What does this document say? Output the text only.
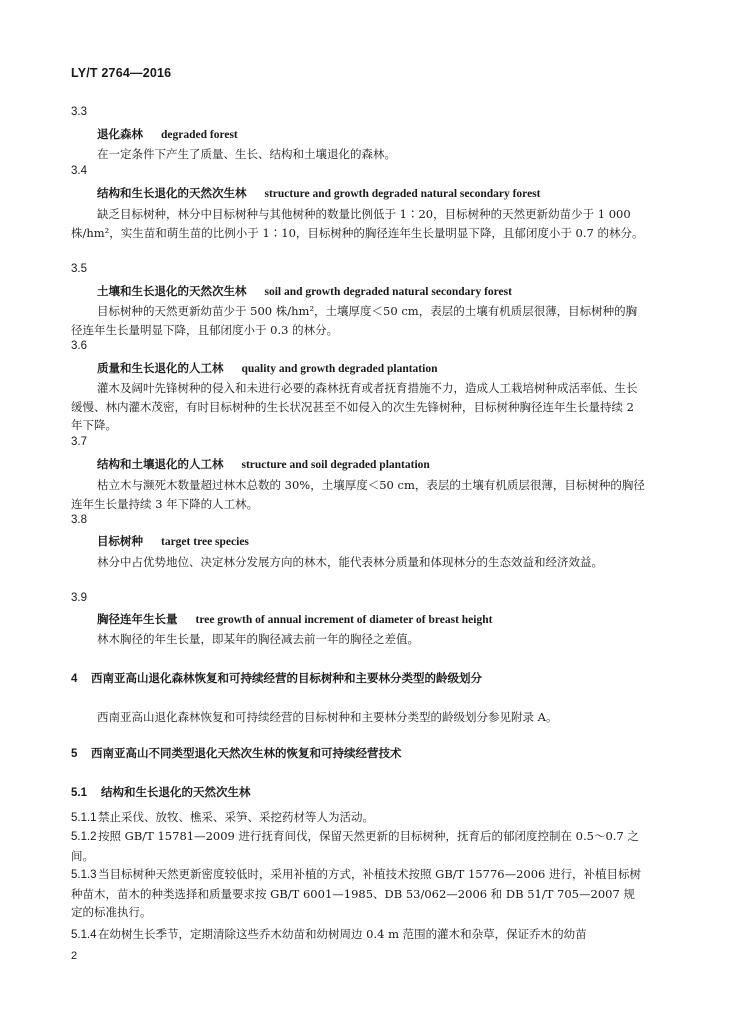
LY/T 2764—2016
3.3
退化森林 degraded forest
在一定条件下产生了质量、生长、结构和土壤退化的森林。
3.4
结构和生长退化的天然次生林 structure and growth degraded natural secondary forest
缺乏目标树种，林分中目标树种与其他树种的数量比例低于 1∶20，目标树种的天然更新幼苗少于 1 000 株/hm²，实生苗和萌生苗的比例小于 1∶10，目标树种的胸径连年生长量明显下降，且郁闭度小于 0.7 的林分。
3.5
土壤和生长退化的天然次生林 soil and growth degraded natural secondary forest
目标树种的天然更新幼苗少于 500 株/hm²，土壤厚度＜50 cm，表层的土壤有机质层很薄，目标树种的胸径连年生长量明显下降，且郁闭度小于 0.3 的林分。
3.6
质量和生长退化的人工林 quality and growth degraded plantation
灌木及阔叶先锋树种的侵入和未进行必要的森林抚育或者抚育措施不力，造成人工栽培树种成活率低、生长缓慢、林内灌木茂密，有时目标树种的生长状况甚至不如侵入的次生先锋树种，目标树种胸径连年生长量持续 2 年下降。
3.7
结构和土壤退化的人工林 structure and soil degraded plantation
枯立木与濒死木数量超过林木总数的 30%，土壤厚度＜50 cm，表层的土壤有机质层很薄，目标树种的胸径连年生长量持续 3 年下降的人工林。
3.8
目标树种 target tree species
林分中占优势地位、决定林分发展方向的林木，能代表林分质量和体现林分的生态效益和经济效益。
3.9
胸径连年生长量 tree growth of annual increment of diameter of breast height
林木胸径的年生长量，即某年的胸径减去前一年的胸径之差值。
4 西南亚高山退化森林恢复和可持续经营的目标树种和主要林分类型的龄级划分
西南亚高山退化森林恢复和可持续经营的目标树种和主要林分类型的龄级划分参见附录 A。
5 西南亚高山不同类型退化天然次生林的恢复和可持续经营技术
5.1 结构和生长退化的天然次生林
5.1.1禁止采伐、放牧、樵采、采笋、采挖药材等人为活动。
5.1.2按照 GB/T 15781—2009 进行抚育间伐，保留天然更新的目标树种，抚育后的郁闭度控制在 0.5～0.7 之间。
5.1.3当目标树种天然更新密度较低时，采用补植的方式，补植技术按照 GB/T 15776—2006 进行，补植目标树种苗木，苗木的种类选择和质量要求按 GB/T 6001—1985、DB 53/062—2006 和 DB 51/T 705—2007 规定的标准执行。
5.1.4在幼树生长季节，定期清除这些乔木幼苗和幼树周边 0.4 m 范围的灌木和杂草，保证乔木的幼苗
2
